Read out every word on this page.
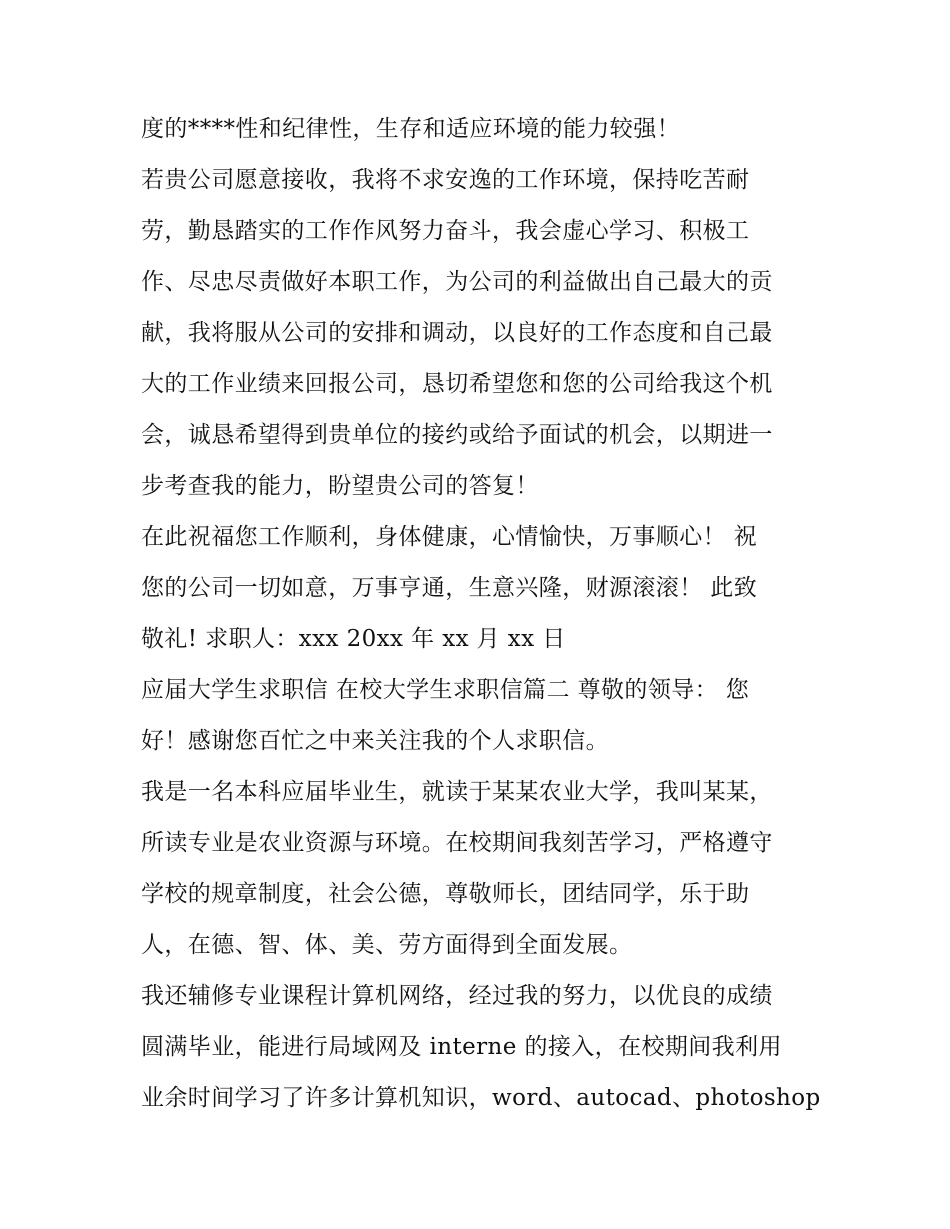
度的****性和纪律性，生存和适应环境的能力较强！
若贵公司愿意接收，我将不求安逸的工作环境，保持吃苦耐
劳，勤恳踏实的工作作风努力奋斗，我会虚心学习、积极工
作、尽忠尽责做好本职工作，为公司的利益做出自己最大的贡
献，我将服从公司的安排和调动，以良好的工作态度和自己最
大的工作业绩来回报公司，恳切希望您和您的公司给我这个机
会，诚恳希望得到贵单位的接约或给予面试的机会，以期进一
步考查我的能力，盼望贵公司的答复！
在此祝福您工作顺利，身体健康，心情愉快，万事顺心！ 祝
您的公司一切如意，万事亨通，生意兴隆，财源滚滚！ 此致
敬礼! 求职人：xxx 20xx 年 xx 月 xx 日
应届大学生求职信 在校大学生求职信篇二 尊敬的领导： 您
好！感谢您百忙之中来关注我的个人求职信。
我是一名本科应届毕业生，就读于某某农业大学，我叫某某，
所读专业是农业资源与环境。在校期间我刻苦学习，严格遵守
学校的规章制度，社会公德，尊敬师长，团结同学，乐于助
人，在德、智、体、美、劳方面得到全面发展。
我还辅修专业课程计算机网络，经过我的努力，以优良的成绩
圆满毕业，能进行局域网及 interne 的接入，在校期间我利用
业余时间学习了许多计算机知识，word、autocad、photoshop
